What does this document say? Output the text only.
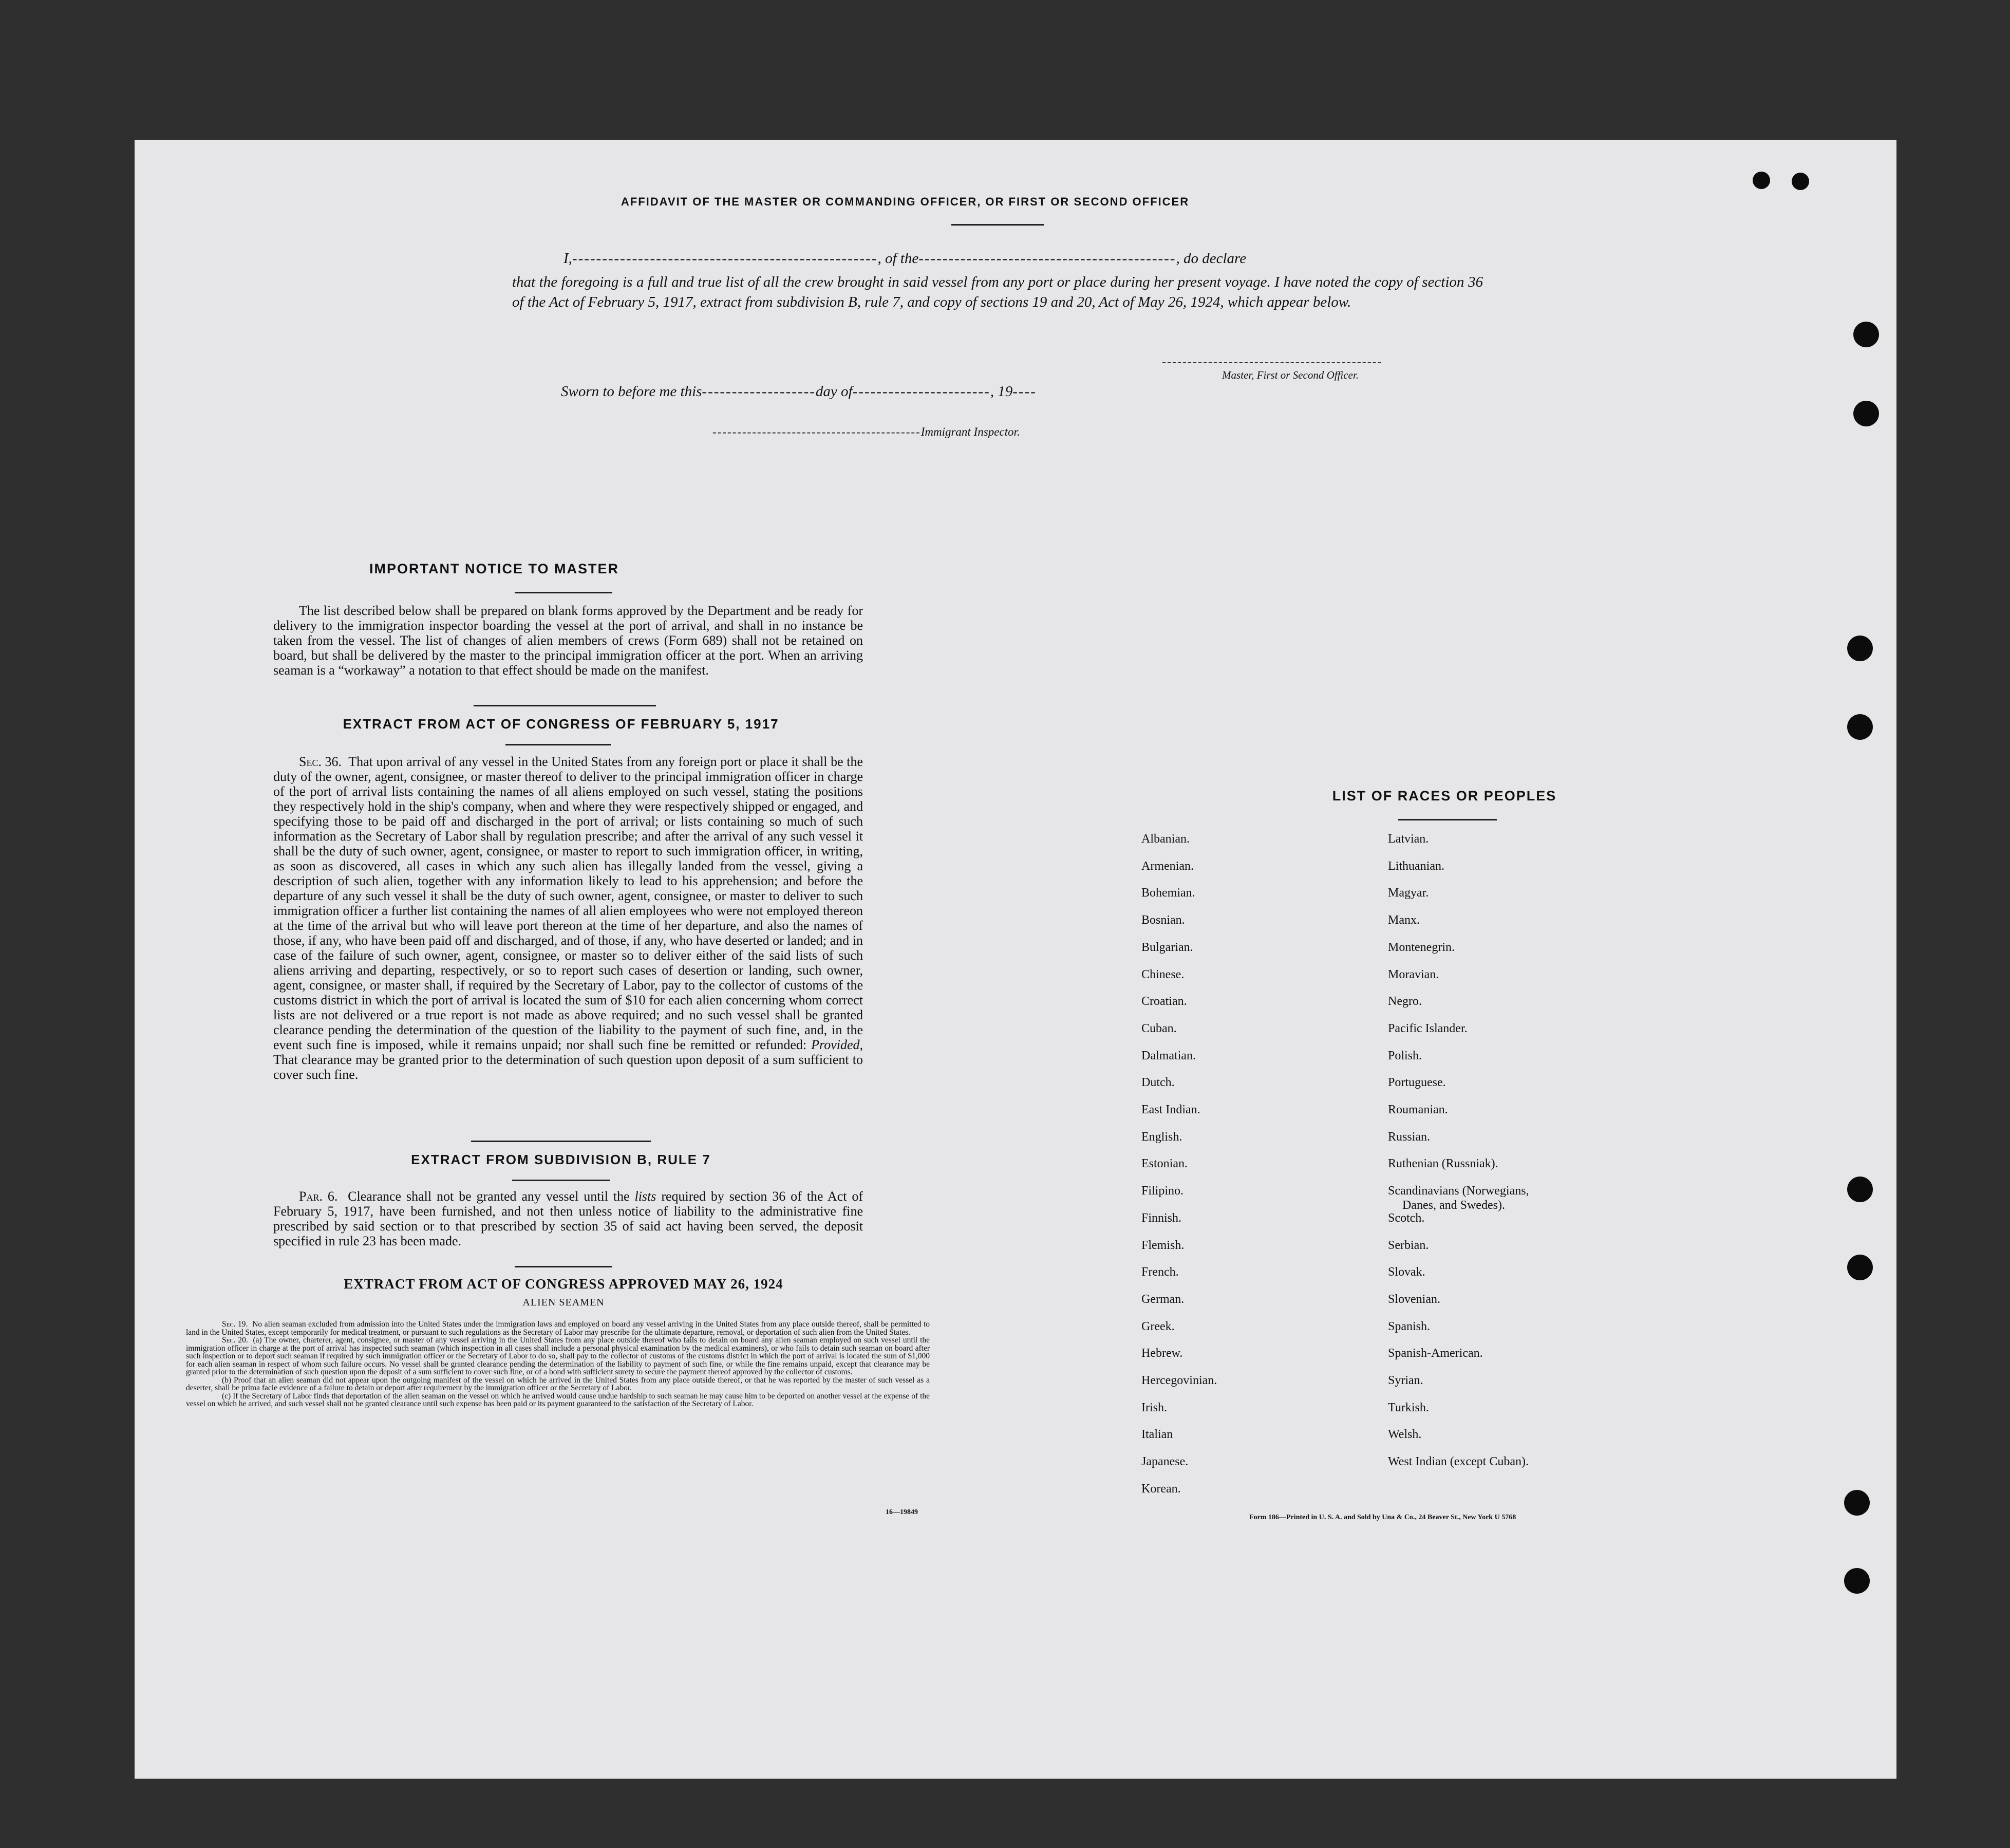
AFFIDAVIT OF THE MASTER OR COMMANDING OFFICER, OR FIRST OR SECOND OFFICER
I,---------------------------------------------------, of the-------------------------------------------, do declare
that the foregoing is a full and true list of all the crew brought in said vessel from any port or place during her present voyage. I have noted the copy of section 36 of the Act of February 5, 1917, extract from subdivision B, rule 7, and copy of sections 19 and 20, Act of May 26, 1924, which appear below.
-------------------------------------------
Master, First or Second Officer.
Sworn to before me this-------------------day of-----------------------, 19----
------------------------------------------Immigrant Inspector.
IMPORTANT NOTICE TO MASTER
The list described below shall be prepared on blank forms approved by the Department and be ready for delivery to the immigration inspector boarding the vessel at the port of arrival, and shall in no instance be taken from the vessel. The list of changes of alien members of crews (Form 689) shall not be retained on board, but shall be delivered by the master to the principal immigration officer at the port. When an arriving seaman is a “workaway” a notation to that effect should be made on the manifest.
EXTRACT FROM ACT OF CONGRESS OF FEBRUARY 5, 1917
Sec. 36. That upon arrival of any vessel in the United States from any foreign port or place it shall be the duty of the owner, agent, consignee, or master thereof to deliver to the principal immigration officer in charge of the port of arrival lists containing the names of all aliens employed on such vessel, stating the positions they respectively hold in the ship's company, when and where they were respectively shipped or engaged, and specifying those to be paid off and discharged in the port of arrival; or lists containing so much of such information as the Secretary of Labor shall by regulation prescribe; and after the arrival of any such vessel it shall be the duty of such owner, agent, consignee, or master to report to such immigration officer, in writing, as soon as discovered, all cases in which any such alien has illegally landed from the vessel, giving a description of such alien, together with any information likely to lead to his apprehension; and before the departure of any such vessel it shall be the duty of such owner, agent, consignee, or master to deliver to such immigration officer a further list containing the names of all alien employees who were not employed thereon at the time of the arrival but who will leave port thereon at the time of her departure, and also the names of those, if any, who have been paid off and discharged, and of those, if any, who have deserted or landed; and in case of the failure of such owner, agent, consignee, or master so to deliver either of the said lists of such aliens arriving and departing, respectively, or so to report such cases of desertion or landing, such owner, agent, consignee, or master shall, if required by the Secretary of Labor, pay to the collector of customs of the customs district in which the port of arrival is located the sum of $10 for each alien concerning whom correct lists are not delivered or a true report is not made as above required; and no such vessel shall be granted clearance pending the determination of the question of the liability to the payment of such fine, and, in the event such fine is imposed, while it remains unpaid; nor shall such fine be remitted or refunded: Provided, That clearance may be granted prior to the determination of such question upon deposit of a sum sufficient to cover such fine.
EXTRACT FROM SUBDIVISION B, RULE 7
Par. 6. Clearance shall not be granted any vessel until the lists required by section 36 of the Act of February 5, 1917, have been furnished, and not then unless notice of liability to the administrative fine prescribed by said section or to that prescribed by section 35 of said act having been served, the deposit specified in rule 23 has been made.
EXTRACT FROM ACT OF CONGRESS APPROVED MAY 26, 1924
ALIEN SEAMEN
Sec. 19. No alien seaman excluded from admission into the United States under the immigration laws and employed on board any vessel arriving in the United States from any place outside thereof, shall be permitted to land in the United States, except temporarily for medical treatment, or pursuant to such regulations as the Secretary of Labor may prescribe for the ultimate departure, removal, or deportation of such alien from the United States.
Sec. 20. (a) The owner, charterer, agent, consignee, or master of any vessel arriving in the United States from any place outside thereof who fails to detain on board any alien seaman employed on such vessel until the immigration officer in charge at the port of arrival has inspected such seaman (which inspection in all cases shall include a personal physical examination by the medical examiners), or who fails to detain such seaman on board after such inspection or to deport such seaman if required by such immigration officer or the Secretary of Labor to do so, shall pay to the collector of customs of the customs district in which the port of arrival is located the sum of $1,000 for each alien seaman in respect of whom such failure occurs. No vessel shall be granted clearance pending the determination of the liability to payment of such fine, or while the fine remains unpaid, except that clearance may be granted prior to the determination of such question upon the deposit of a sum sufficient to cover such fine, or of a bond with sufficient surety to secure the payment thereof approved by the collector of customs.
(b) Proof that an alien seaman did not appear upon the outgoing manifest of the vessel on which he arrived in the United States from any place outside thereof, or that he was reported by the master of such vessel as a deserter, shall be prima facie evidence of a failure to detain or deport after requirement by the immigration officer or the Secretary of Labor.
(c) If the Secretary of Labor finds that deportation of the alien seaman on the vessel on which he arrived would cause undue hardship to such seaman he may cause him to be deported on another vessel at the expense of the vessel on which he arrived, and such vessel shall not be granted clearance until such expense has been paid or its payment guaranteed to the satisfaction of the Secretary of Labor.
16—19849
LIST OF RACES OR PEOPLES
Form 186—Printed in U. S. A. and Sold by Una & Co., 24 Beaver St., New York U 5768
Albanian.
Armenian.
Bohemian.
Bosnian.
Bulgarian.
Chinese.
Croatian.
Cuban.
Dalmatian.
Dutch.
East Indian.
English.
Estonian.
Filipino.
Finnish.
Flemish.
French.
German.
Greek.
Hebrew.
Hercegovinian.
Irish.
Italian
Japanese.
Korean.
Latvian.
Lithuanian.
Magyar.
Manx.
Montenegrin.
Moravian.
Negro.
Pacific Islander.
Polish.
Portuguese.
Roumanian.
Russian.
Ruthenian (Russniak).
Scandinavians (Norwegians,
Danes, and Swedes).
Scotch.
Serbian.
Slovak.
Slovenian.
Spanish.
Spanish-American.
Syrian.
Turkish.
Welsh.
West Indian (except Cuban).
